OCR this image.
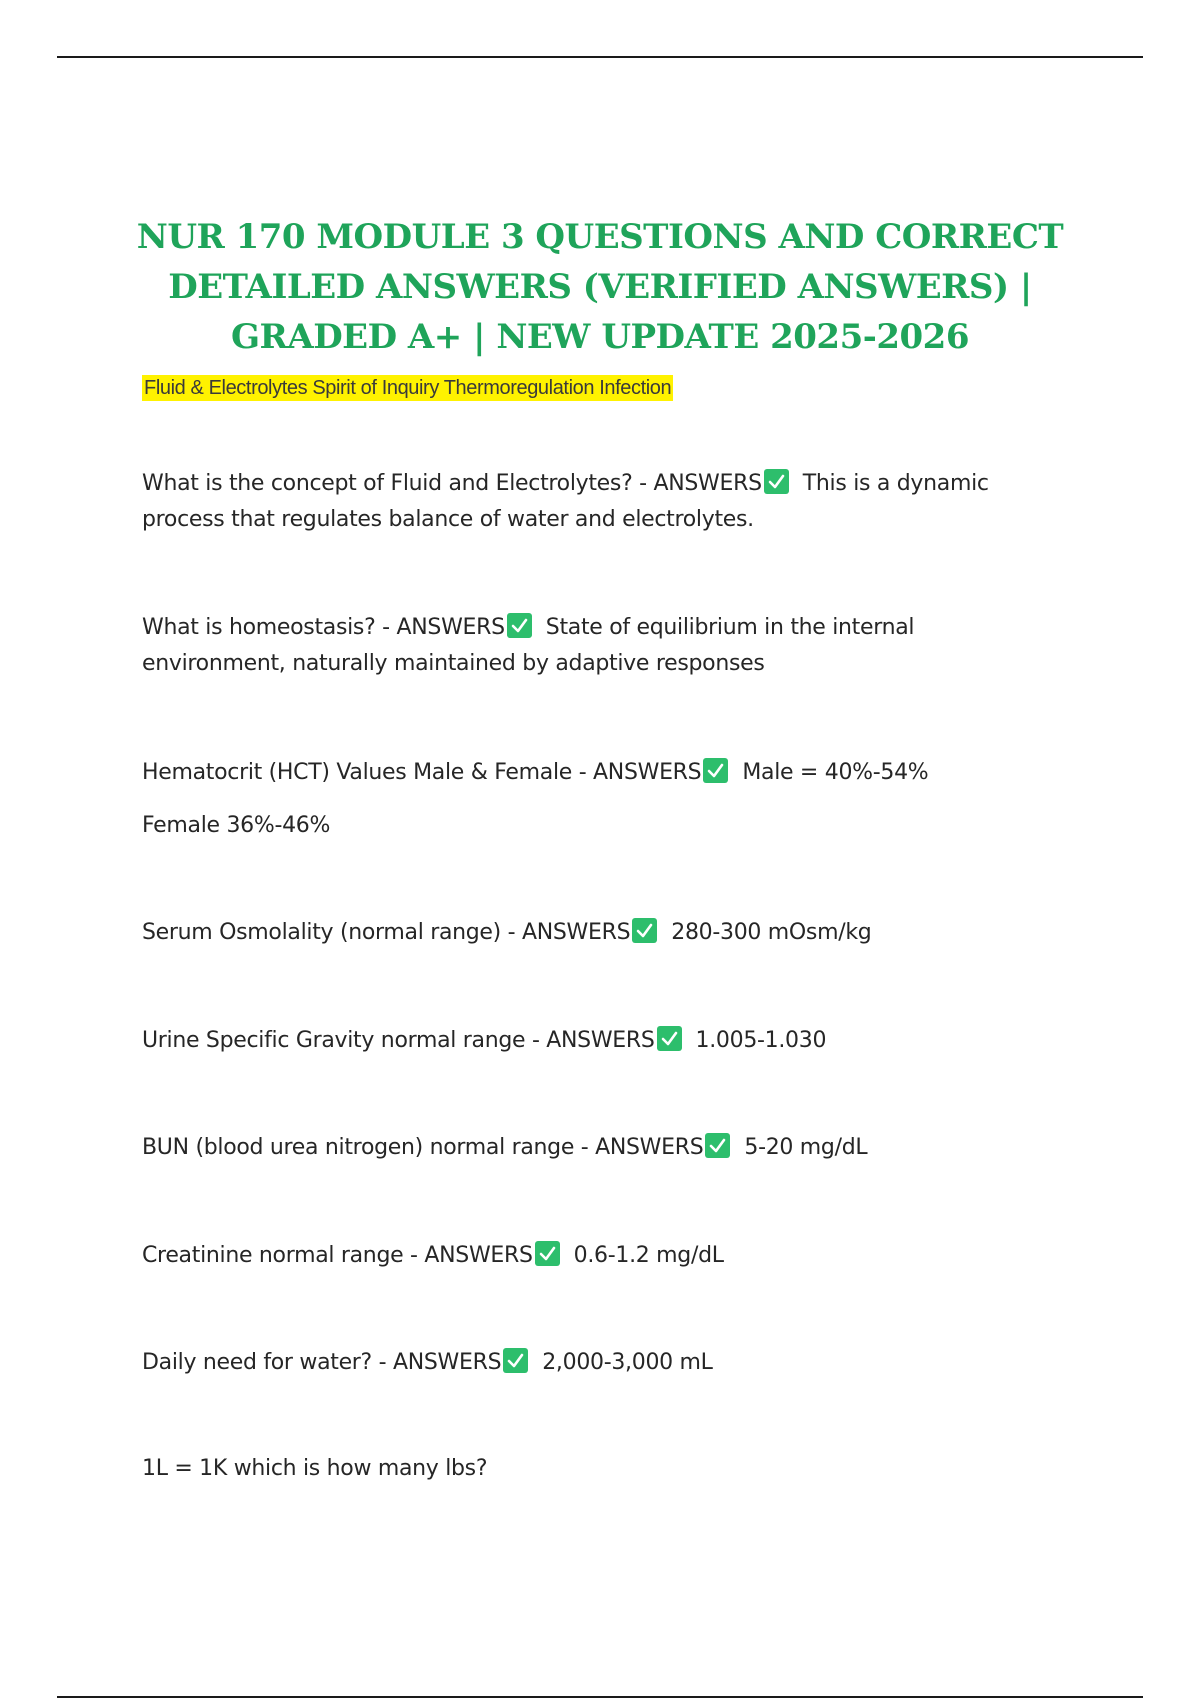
NUR 170 MODULE 3 QUESTIONS AND CORRECT DETAILED ANSWERS (VERIFIED ANSWERS) | GRADED A+ | NEW UPDATE 2025-2026
Fluid & Electrolytes Spirit of Inquiry Thermoregulation Infection
What is the concept of Fluid and Electrolytes? - ANSWERS This is a dynamic process that regulates balance of water and electrolytes.
What is homeostasis? - ANSWERS State of equilibrium in the internal environment, naturally maintained by adaptive responses
Hematocrit (HCT) Values Male & Female - ANSWERS Male = 40%-54%
Female 36%-46%
Serum Osmolality (normal range) - ANSWERS 280-300 mOsm/kg
Urine Specific Gravity normal range - ANSWERS 1.005-1.030
BUN (blood urea nitrogen) normal range - ANSWERS 5-20 mg/dL
Creatinine normal range - ANSWERS 0.6-1.2 mg/dL
Daily need for water? - ANSWERS 2,000-3,000 mL
1L = 1K which is how many lbs?
